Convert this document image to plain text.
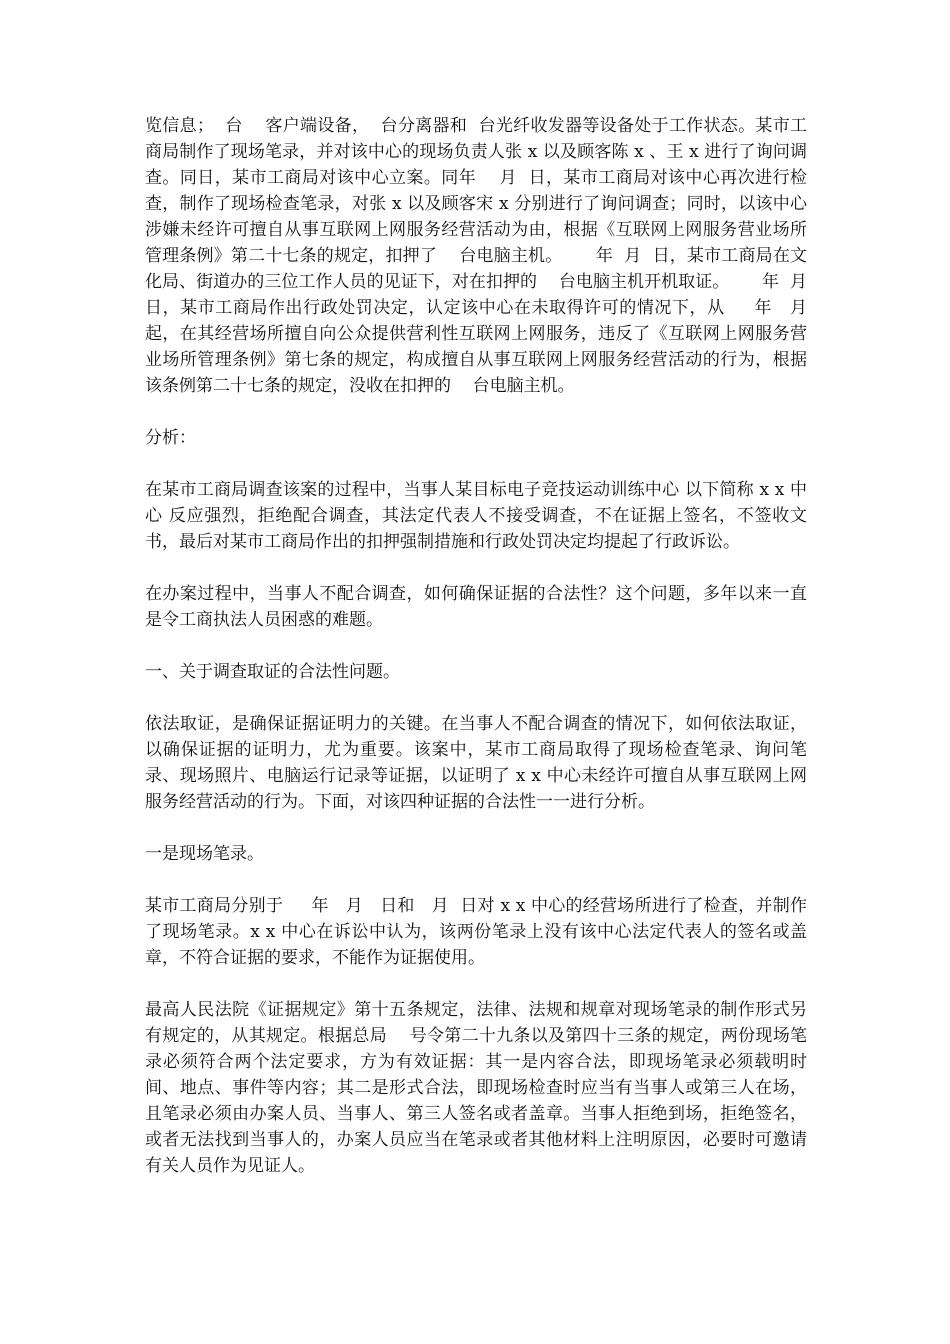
览信息；  台    客户端设备，  台分离器和  台光纤收发器等设备处于工作状态。某市工商局制作了现场笔录，并对该中心的现场负责人张 x 以及顾客陈 x 、王 x 进行了询问调查。同日，某市工商局对该中心立案。同年    月  日，某市工商局对该中心再次进行检查，制作了现场检查笔录，对张 x 以及顾客宋 x 分别进行了询问调查；同时，以该中心涉嫌未经许可擅自从事互联网上网服务经营活动为由，根据《互联网上网服务营业场所管理条例》第二十七条的规定，扣押了    台电脑主机。      年  月  日，某市工商局在文化局、街道办的三位工作人员的见证下，对在扣押的    台电脑主机开机取证。      年  月   日，某市工商局作出行政处罚决定，认定该中心在未取得许可的情况下，从     年   月起，在其经营场所擅自向公众提供营利性互联网上网服务，违反了《互联网上网服务营业场所管理条例》第七条的规定，构成擅自从事互联网上网服务经营活动的行为，根据该条例第二十七条的规定，没收在扣押的    台电脑主机。

分析：

在某市工商局调查该案的过程中，当事人某目标电子竞技运动训练中心 以下简称 x x 中心 反应强烈，拒绝配合调查，其法定代表人不接受调查，不在证据上签名，不签收文书，最后对某市工商局作出的扣押强制措施和行政处罚决定均提起了行政诉讼。

在办案过程中，当事人不配合调查，如何确保证据的合法性？这个问题，多年以来一直是令工商执法人员困惑的难题。

一、关于调查取证的合法性问题。

依法取证，是确保证据证明力的关键。在当事人不配合调查的情况下，如何依法取证，以确保证据的证明力，尤为重要。该案中，某市工商局取得了现场检查笔录、询问笔录、现场照片、电脑运行记录等证据，以证明了 x x 中心未经许可擅自从事互联网上网服务经营活动的行为。下面，对该四种证据的合法性一一进行分析。

一是现场笔录。

某市工商局分别于     年   月   日和   月  日对 x x 中心的经营场所进行了检查，并制作了现场笔录。x x 中心在诉讼中认为，该两份笔录上没有该中心法定代表人的签名或盖章，不符合证据的要求，不能作为证据使用。

最高人民法院《证据规定》第十五条规定，法律、法规和规章对现场笔录的制作形式另有规定的，从其规定。根据总局    号令第二十九条以及第四十三条的规定，两份现场笔录必须符合两个法定要求，方为有效证据：其一是内容合法，即现场笔录必须载明时间、地点、事件等内容；其二是形式合法，即现场检查时应当有当事人或第三人在场，且笔录必须由办案人员、当事人、第三人签名或者盖章。当事人拒绝到场，拒绝签名，或者无法找到当事人的，办案人员应当在笔录或者其他材料上注明原因，必要时可邀请有关人员作为见证人。
